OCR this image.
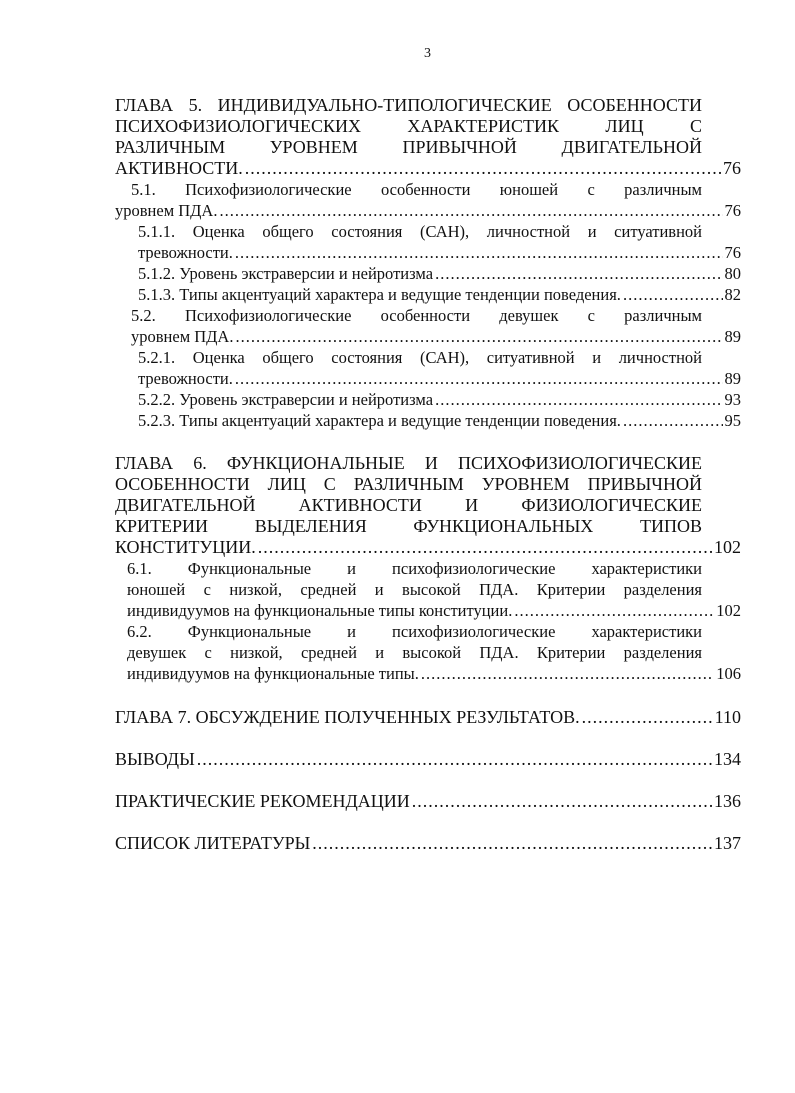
3
ГЛАВА 5. ИНДИВИДУАЛЬНО-ТИПОЛОГИЧЕСКИЕ ОСОБЕННОСТИ
ПСИХОФИЗИОЛОГИЧЕСКИХ ХАРАКТЕРИСТИК ЛИЦ С
РАЗЛИЧНЫМ УРОВНЕМ ПРИВЫЧНОЙ ДВИГАТЕЛЬНОЙ
АКТИВНОСТИ. .....	76
5.1. Психофизиологические особенности юношей с различным
уровнем ПДА. .....	76
5.1.1. Оценка общего состояния (САН), личностной и ситуативной
тревожности. .....	76
5.1.2. Уровень экстраверсии и нейротизма .....	80
5.1.3. Типы акцентуаций характера и ведущие тенденции поведения. .....	82
5.2. Психофизиологические особенности девушек с различным
уровнем ПДА. .....	89
5.2.1. Оценка общего состояния (САН), ситуативной и личностной
тревожности. .....	89
5.2.2. Уровень экстраверсии и нейротизма .....	93
5.2.3. Типы акцентуаций характера и ведущие тенденции поведения. .....	95
ГЛАВА 6. ФУНКЦИОНАЛЬНЫЕ И ПСИХОФИЗИОЛОГИЧЕСКИЕ
ОСОБЕННОСТИ ЛИЦ С РАЗЛИЧНЫМ УРОВНЕМ ПРИВЫЧНОЙ
ДВИГАТЕЛЬНОЙ АКТИВНОСТИ И ФИЗИОЛОГИЧЕСКИЕ
КРИТЕРИИ ВЫДЕЛЕНИЯ ФУНКЦИОНАЛЬНЫХ ТИПОВ
КОНСТИТУЦИИ. .....	102
6.1. Функциональные и психофизиологические характеристики
юношей с низкой, средней и высокой ПДА. Критерии разделения
индивидуумов на функциональные типы конституции. .....	102
6.2. Функциональные и психофизиологические характеристики
девушек с низкой, средней и высокой ПДА. Критерии разделения
индивидуумов на функциональные типы. .....	106
ГЛАВА 7. ОБСУЖДЕНИЕ ПОЛУЧЕННЫХ РЕЗУЛЬТАТОВ. .....	110
ВЫВОДЫ .....	134
ПРАКТИЧЕСКИЕ РЕКОМЕНДАЦИИ .....	136
СПИСОК ЛИТЕРАТУРЫ .....	137
